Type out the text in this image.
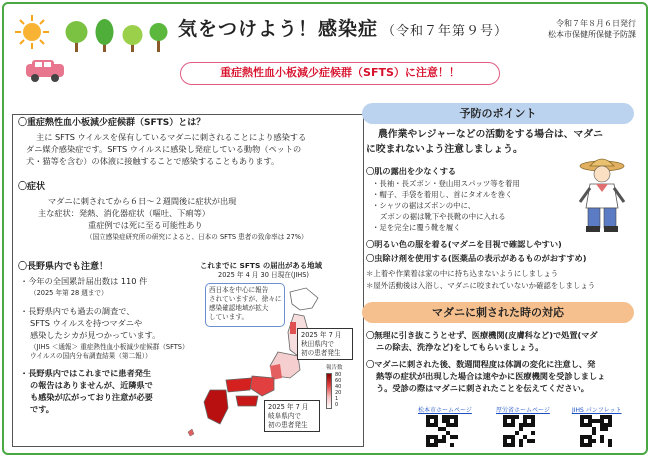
気をつけよう！感染症 （令和７年第９号）
令和７年８月６日発行
松本市保健所保健予防課
重症熱性血小板減少症候群（SFTS）に注意！！
〇重症熱性血小板減少症候群（SFTS）とは？
主に SFTS ウイルスを保有しているマダニに刺されることにより感染する
ダニ媒介感染症です。SFTS ウイルスに感染し発症している動物（ペットの
犬・猫等を含む）の体液に接触することで感染することもあります。
〇症状
マダニに刺されてから６日～２週間後に症状が出現
主な症状：発熱、消化器症状（嘔吐、下痢等）
重症例では死に至る可能性あり
（国立感染症研究所の研究によると、日本の SFTS 患者の致命率は 27%）
〇長野県内でも注意！
・今年の全国累計届出数は 110 件
（2025 年第 28 週まで）
・長野県内でも過去の調査で、
SFTS ウイルスを持つマダニや
感染したシカが見つかっています。
（JIHS ＜通報＞ 重症熱性血小板減少症候群（SFTS）
ウイルスの国内分布調査結果（第二報））
・長野県内ではこれまでに患者発生
の報告はありませんが、近隣県で
も感染が広がっており注意が必要
です。
これまでに SFTS の届出がある地域
2025 年 4 月 30 日現在(JIHS)
西日本を中心に報告
されていますが、徐々に
感染確認地域が拡大
しています。
2025 年 7 月
秋田県内で
初の患者発生
2025 年 7 月
岐阜県内で
初の患者発生
報告数
80
60
40
20
1
0
予防のポイント
農作業やレジャーなどの活動をする場合は、マダニ
に咬まれないよう注意しましょう。
〇肌の露出を少なくする
・長袖・長ズボン・登山用スパッツ等を着用
・帽子、手袋を着用し、首にタオルを巻く
・シャツの裾はズボンの中に、
ズボンの裾は靴下や長靴の中に入れる
・足を完全に覆う靴を履く
〇明るい色の服を着る(マダニを目視で確認しやすい)
〇虫除け剤を使用する(医薬品の表示があるものがおすすめ)
＊上着や作業着は家の中に持ち込まないようにしましょう
＊屋外活動後は入浴し、マダニに咬まれていないか確認をしましょう
マダニに刺された時の対応
〇無理に引き抜こうとせず、医療機関(皮膚科など)で処置(マダ
ニの除去、洗浄など)をしてもらいましょう。
〇マダニに刺された後、数週間程度は体調の変化に注意し、発
熱等の症状が出現した場合は速やかに医療機関を受診しましょ
う。受診の際はマダニに刺されたことを伝えてください。
松本市ホームページ	厚労省ホームページ	JIHS パンフレット
